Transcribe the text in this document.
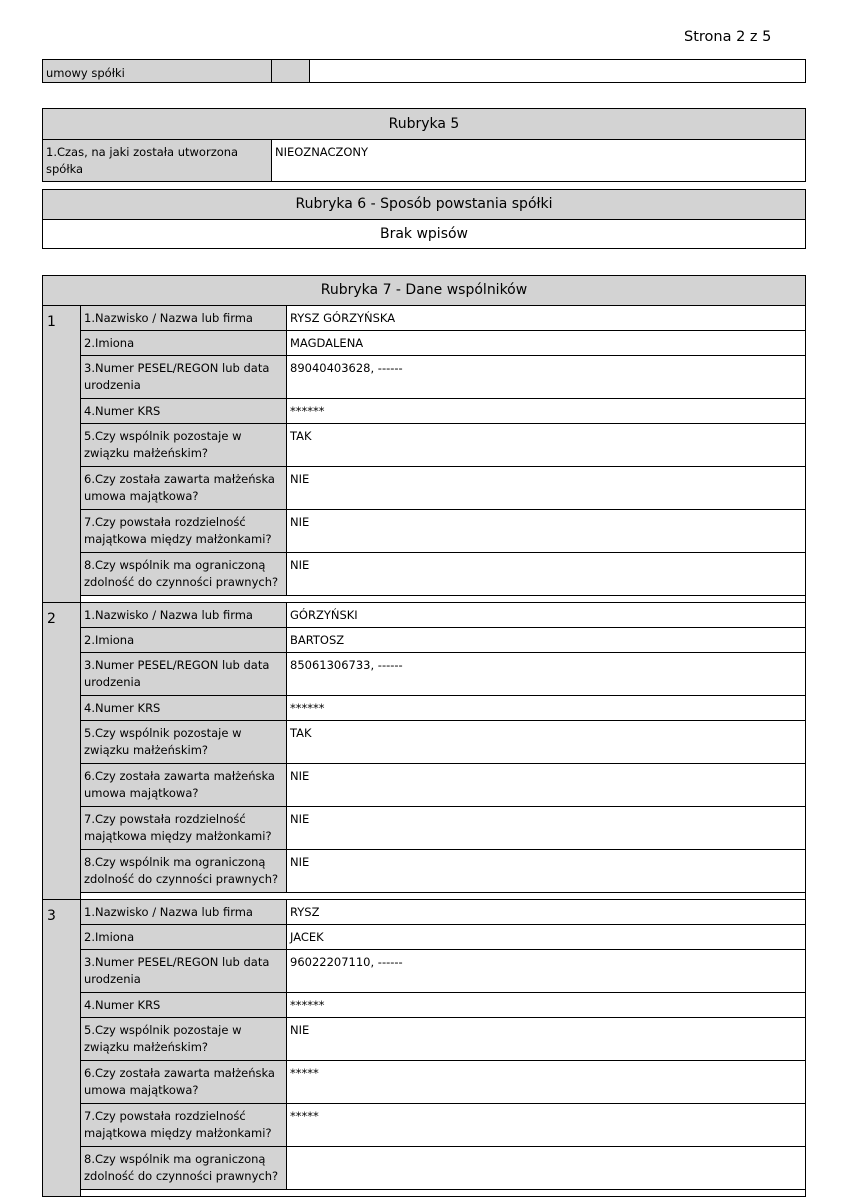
Strona 2 z 5
umowy spółki		
Rubryka 5
1.Czas, na jaki została utworzona spółka	NIEOZNACZONY
Rubryka 6 - Sposób powstania spółki
Brak wpisów
Rubryka 7 - Dane wspólników		
1	1.Nazwisko / Nazwa lub firma	RYSZ GÓRZYŃSKA
	2.Imiona	MAGDALENA
	3.Numer PESEL/REGON lub data urodzenia	89040403628, ------
	4.Numer KRS	******
	5.Czy wspólnik pozostaje w związku małżeńskim?	TAK
	6.Czy została zawarta małżeńska umowa majątkowa?	NIE
	7.Czy powstała rozdzielność majątkowa między małżonkami?	NIE
	8.Czy wspólnik ma ograniczoną zdolność do czynności prawnych?	NIE

2	1.Nazwisko / Nazwa lub firma	GÓRZYŃSKI
	2.Imiona	BARTOSZ
	3.Numer PESEL/REGON lub data urodzenia	85061306733, ------
	4.Numer KRS	******
	5.Czy wspólnik pozostaje w związku małżeńskim?	TAK
	6.Czy została zawarta małżeńska umowa majątkowa?	NIE
	7.Czy powstała rozdzielność majątkowa między małżonkami?	NIE
	8.Czy wspólnik ma ograniczoną zdolność do czynności prawnych?	NIE

3	1.Nazwisko / Nazwa lub firma	RYSZ
	2.Imiona	JACEK
	3.Numer PESEL/REGON lub data urodzenia	96022207110, ------
	4.Numer KRS	******
	5.Czy wspólnik pozostaje w związku małżeńskim?	NIE
	6.Czy została zawarta małżeńska umowa majątkowa?	*****
	7.Czy powstała rozdzielność majątkowa między małżonkami?	*****
	8.Czy wspólnik ma ograniczoną zdolność do czynności prawnych?	
